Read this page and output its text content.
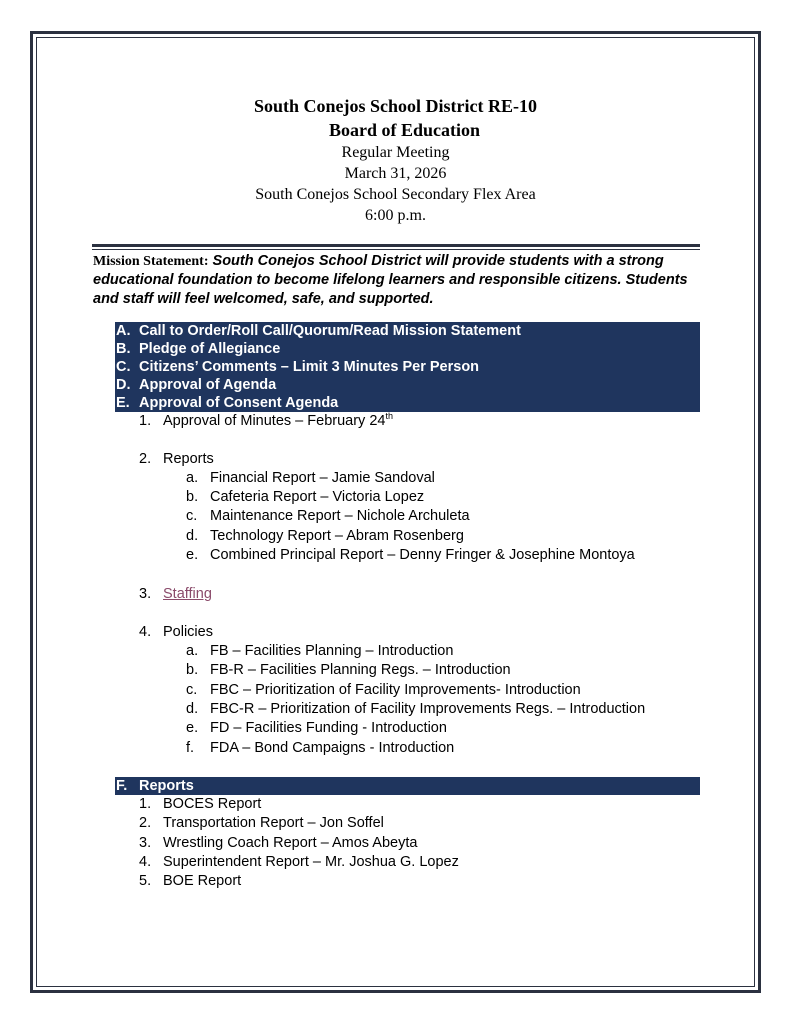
South Conejos School District RE-10
Board of Education
Regular Meeting
March 31, 2026
South Conejos School Secondary Flex Area
6:00 p.m.
Mission Statement: South Conejos School District will provide students with a strong educational foundation to become lifelong learners and responsible citizens. Students and staff will feel welcomed, safe, and supported.
A. Call to Order/Roll Call/Quorum/Read Mission Statement
B. Pledge of Allegiance
C. Citizens’ Comments – Limit 3 Minutes Per Person
D. Approval of Agenda
E. Approval of Consent Agenda
1. Approval of Minutes – February 24th
2. Reports
a. Financial Report – Jamie Sandoval
b. Cafeteria Report – Victoria Lopez
c. Maintenance Report – Nichole Archuleta
d. Technology Report – Abram Rosenberg
e. Combined Principal Report – Denny Fringer & Josephine Montoya
3. Staffing
4. Policies
a. FB – Facilities Planning – Introduction
b. FB-R – Facilities Planning Regs. – Introduction
c. FBC – Prioritization of Facility Improvements- Introduction
d. FBC-R – Prioritization of Facility Improvements Regs. – Introduction
e. FD – Facilities Funding - Introduction
f. FDA – Bond Campaigns - Introduction
F. Reports
1. BOCES Report
2. Transportation Report – Jon Soffel
3. Wrestling Coach Report – Amos Abeyta
4. Superintendent Report – Mr. Joshua G. Lopez
5. BOE Report
